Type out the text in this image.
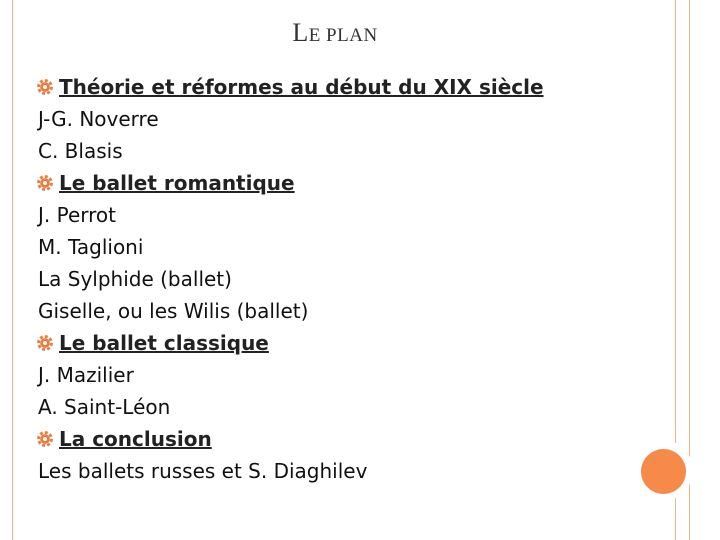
LE PLAN
Théorie et réformes au début du XIX siècle
J-G. Noverre
C. Blasis
Le ballet romantique
J. Perrot
M. Taglioni
La Sylphide (ballet)
Giselle, ou les Wilis (ballet)
Le ballet classique
J. Mazilier
A. Saint-Léon
La conclusion
Les ballets russes et S. Diaghilev
